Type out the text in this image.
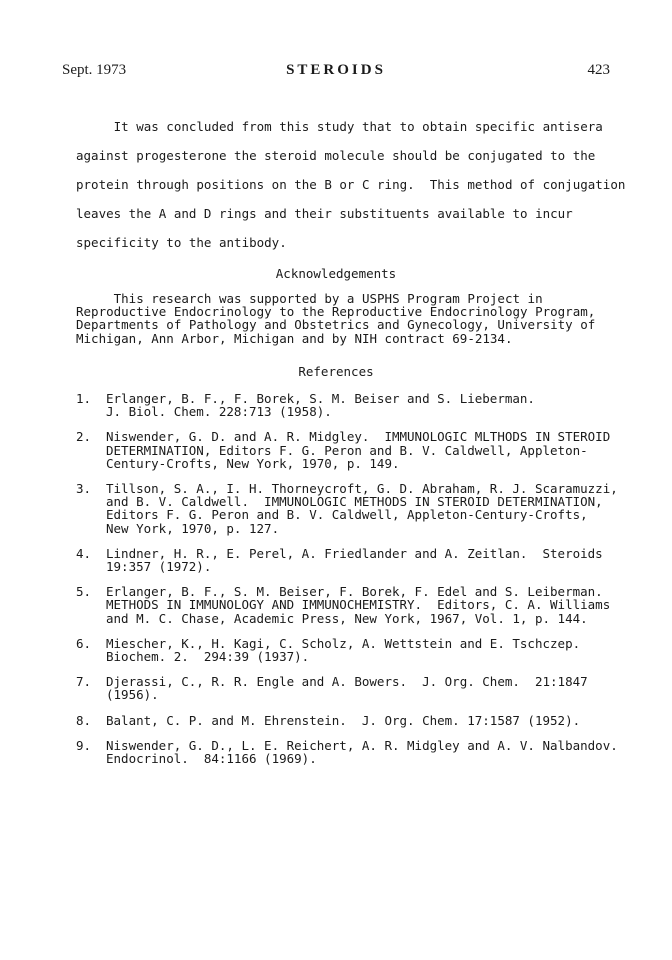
Sept. 1973	STEROIDS	423
It was concluded from this study that to obtain specific antisera
against progesterone the steroid molecule should be conjugated to the
protein through positions on the B or C ring.  This method of conjugation
leaves the A and D rings and their substituents available to incur
specificity to the antibody.
Acknowledgements
This research was supported by a USPHS Program Project in
Reproductive Endocrinology to the Reproductive Endocrinology Program,
Departments of Pathology and Obstetrics and Gynecology, University of
Michigan, Ann Arbor, Michigan and by NIH contract 69-2134.
References
1. Erlanger, B. F., F. Borek, S. M. Beiser and S. Lieberman.
J. Biol. Chem. 228:713 (1958).
2. Niswender, G. D. and A. R. Midgley.  IMMUNOLOGIC MLTHODS IN STEROID
DETERMINATION, Editors F. G. Peron and B. V. Caldwell, Appleton-
Century-Crofts, New York, 1970, p. 149.
3. Tillson, S. A., I. H. Thorneycroft, G. D. Abraham, R. J. Scaramuzzi,
and B. V. Caldwell.  IMMUNOLOGIC METHODS IN STEROID DETERMINATION,
Editors F. G. Peron and B. V. Caldwell, Appleton-Century-Crofts,
New York, 1970, p. 127.
4. Lindner, H. R., E. Perel, A. Friedlander and A. Zeitlan.  Steroids
19:357 (1972).
5. Erlanger, B. F., S. M. Beiser, F. Borek, F. Edel and S. Leiberman.
METHODS IN IMMUNOLOGY AND IMMUNOCHEMISTRY.  Editors, C. A. Williams
and M. C. Chase, Academic Press, New York, 1967, Vol. 1, p. 144.
6. Miescher, K., H. Kagi, C. Scholz, A. Wettstein and E. Tschczep.
Biochem. 2.  294:39 (1937).
7. Djerassi, C., R. R. Engle and A. Bowers.  J. Org. Chem.  21:1847
(1956).
8. Balant, C. P. and M. Ehrenstein.  J. Org. Chem. 17:1587 (1952).
9. Niswender, G. D., L. E. Reichert, A. R. Midgley and A. V. Nalbandov.
Endocrinol.  84:1166 (1969).
